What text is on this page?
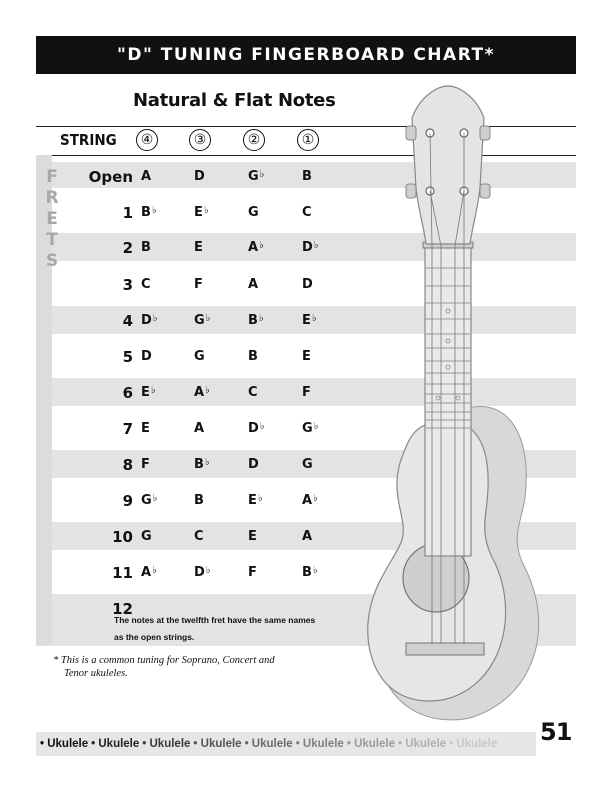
"D" TUNING FINGERBOARD CHART*
Natural & Flat Notes
STRING	④	③	②	①
F
R
E
T
S
Open A	D	G♭	B
1 B♭	E♭	G	C
2 B	E	A♭	D♭
3 C	F	A	D
4 D♭	G♭	B♭	E♭
5 D	G	B	E
6 E♭	A♭	C	F
7 E	A	D♭	G♭
8 F	B♭	D	G
9 G♭	B	E♭	A♭
10 G	C	E	A
11 A♭	D♭	F	B♭
12
The notes at the twelfth fret have the same names
as the open strings.
* This is a common tuning for Soprano, Concert and
Tenor ukuleles.
• Ukulele • Ukulele • Ukulele • Ukulele • Ukulele • Ukulele • Ukulele • Ukulele • Ukulele 51
